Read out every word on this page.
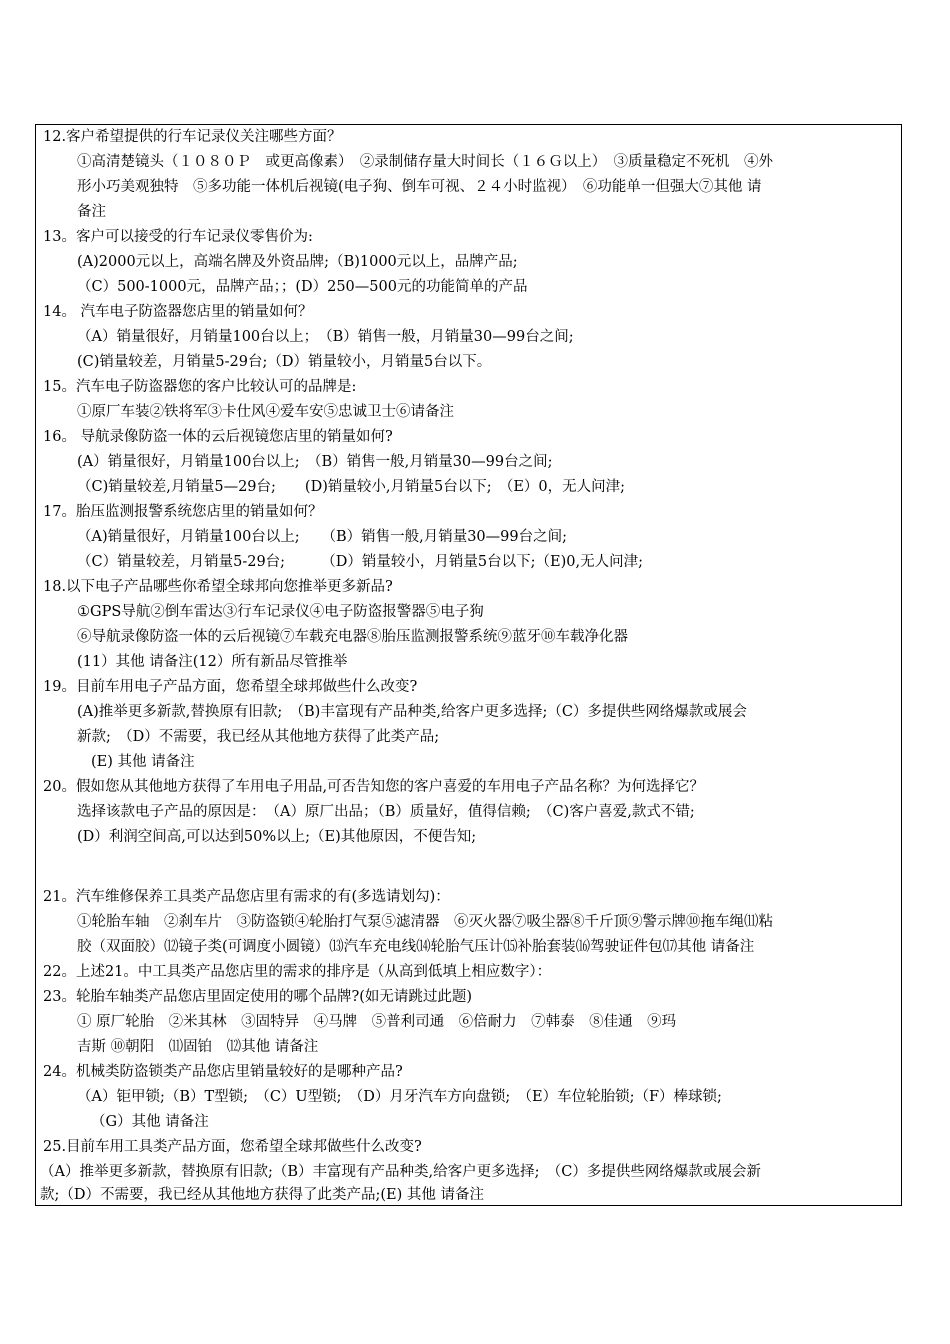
12.客户希望提供的行车记录仪关注哪些方面？
①高清楚镜头（１０８０Ｐ　或更高像素）　②录制储存量大时间长（１６Ｇ以上）　③质量稳定不死机　④外
形小巧美观独特　⑤多功能一体机后视镜(电子狗、倒车可视、２４小时监视）　⑥功能单一但强大⑦其他 请
备注
13。客户可以接受的行车记录仪零售价为:
(A)2000元以上，高端名牌及外资品牌;（B)1000元以上，品牌产品;
（C）500-1000元，品牌产品；；(D）250—500元的功能简单的产品
14。 汽车电子防盗器您店里的销量如何？
（A）销量很好，月销量100台以上；　（B）销售一般，月销量30—99台之间;
(C)销量较差，月销量5-29台;（D）销量较小，月销量5台以下。
15。汽车电子防盗器您的客户比较认可的品牌是:
①原厂车装②铁将军③卡仕风④爱车安⑤忠诚卫士⑥请备注
16。 导航录像防盗一体的云后视镜您店里的销量如何?
(A）销量很好，月销量100台以上;　（B）销售一般,月销量30—99台之间;
（C)销量较差,月销量5—29台;　　(D)销量较小,月销量5台以下;　（E）0，无人问津;
17。胎压监测报警系统您店里的销量如何？
（A)销量很好，月销量100台以上;　　（B）销售一般,月销量30—99台之间;
（C）销量较差，月销量5-29台;　　　（D）销量较小，月销量5台以下;（E)0,无人问津;
18.以下电子产品哪些你希望全球邦向您推举更多新品?
①GPS导航②倒车雷达③行车记录仪④电子防盗报警器⑤电子狗
⑥导航录像防盗一体的云后视镜⑦车载充电器⑧胎压监测报警系统⑨蓝牙⑩车载净化器
(11）其他 请备注(12）所有新品尽管推举
19。目前车用电子产品方面，您希望全球邦做些什么改变?
(A)推举更多新款,替换原有旧款;　（B)丰富现有产品种类,给客户更多选择;（C）多提供些网络爆款或展会
新款;　（D）不需要，我已经从其他地方获得了此类产品;
(E) 其他 请备注
20。假如您从其他地方获得了车用电子用品,可否告知您的客户喜爱的车用电子产品名称？为何选择它？
选择该款电子产品的原因是：　（A）原厂出品；（B）质量好，值得信赖;　（C)客户喜爱,款式不错;
(D）利润空间高,可以达到50%以上;（E)其他原因，不便告知;
21。汽车维修保养工具类产品您店里有需求的有(多选请划勾)：
①轮胎车轴　②刹车片　③防盗锁④轮胎打气泵⑤滤清器　⑥灭火器⑦吸尘器⑧千斤顶⑨警示牌⑩拖车绳⑾粘
胶（双面胶）⑿镜子类(可调度小圆镜）⒀汽车充电线⒁轮胎气压计⒂补胎套装⒃驾驶证件包⒄其他 请备注
22。上述21。中工具类产品您店里的需求的排序是（从高到低填上相应数字）：
23。轮胎车轴类产品您店里固定使用的哪个品牌?(如无请跳过此题)
① 原厂轮胎　②米其林　③固特异　④马牌　⑤普利司通　⑥倍耐力　⑦韩泰　⑧佳通　⑨玛
吉斯 ⑩朝阳　⑾固铂　⑿其他 请备注
24。机械类防盗锁类产品您店里销量较好的是哪种产品?
（A）钜甲锁;（B）T型锁;　（C）U型锁;　（D）月牙汽车方向盘锁;　（E）车位轮胎锁;（F）棒球锁;
（G）其他 请备注
25.目前车用工具类产品方面，您希望全球邦做些什么改变?
（A）推举更多新款，替换原有旧款;（B）丰富现有产品种类,给客户更多选择;　（C）多提供些网络爆款或展会新
款;（D）不需要，我已经从其他地方获得了此类产品;(E) 其他 请备注
